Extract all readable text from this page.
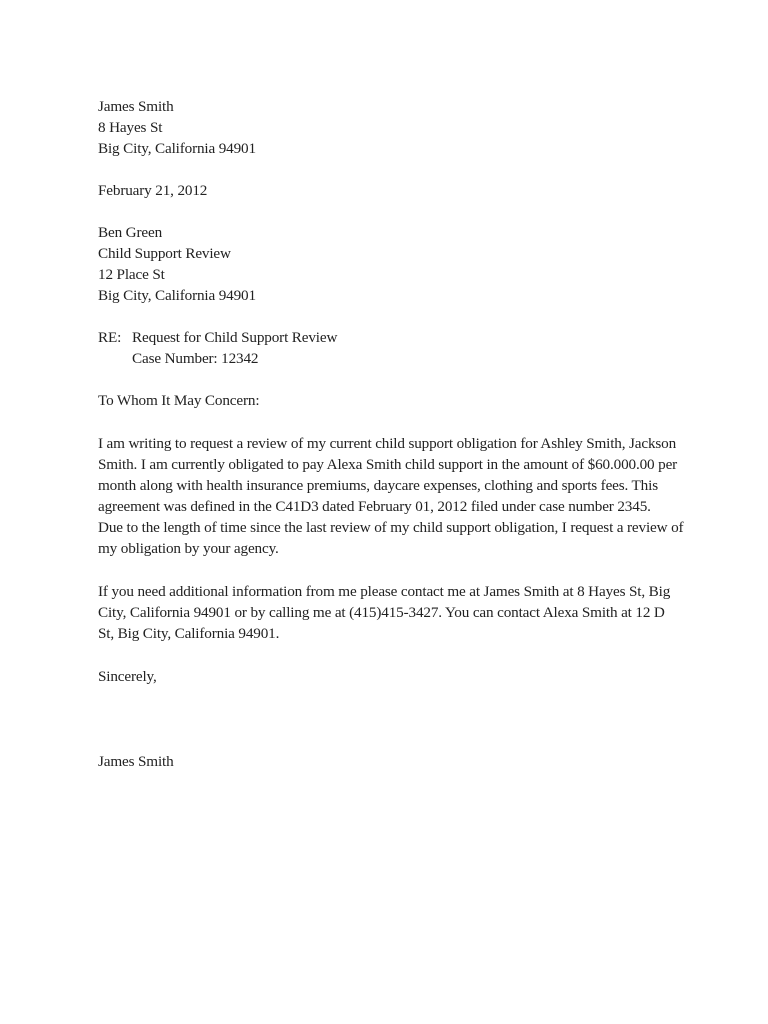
James Smith
8 Hayes St
Big City, California 94901
February 21, 2012
Ben Green
Child Support Review
12 Place St
Big City, California 94901
RE: Request for Child Support Review
Case Number: 12342
To Whom It May Concern:
I am writing to request a review of my current child support obligation for Ashley Smith, Jackson
Smith. I am currently obligated to pay Alexa Smith child support in the amount of $60.000.00 per
month along with health insurance premiums, daycare expenses, clothing and sports fees. This
agreement was defined in the C41D3 dated February 01, 2012 filed under case number 2345.
Due to the length of time since the last review of my child support obligation, I request a review of
my obligation by your agency.
If you need additional information from me please contact me at James Smith at 8 Hayes St, Big
City, California 94901 or by calling me at (415)415-3427. You can contact Alexa Smith at 12 D
St, Big City, California 94901.
Sincerely,
James Smith
